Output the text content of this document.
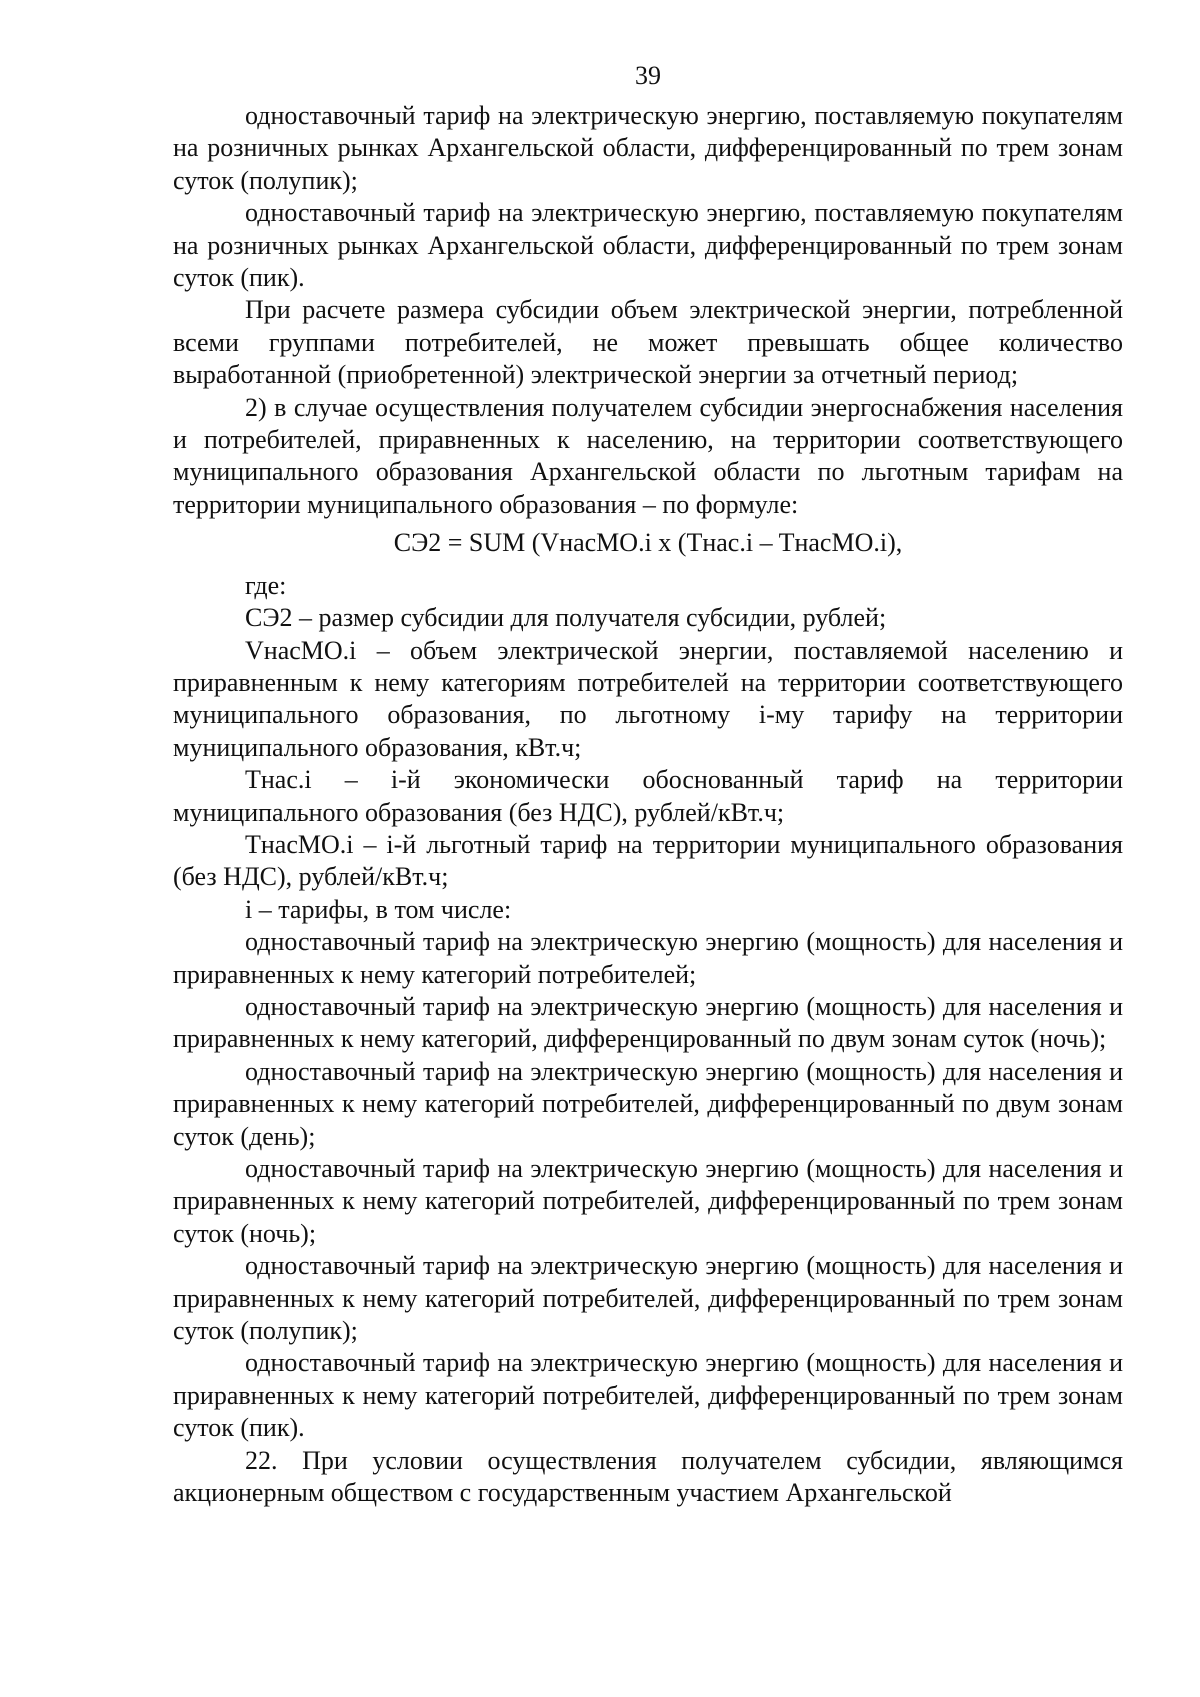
39

одноставочный тариф на электрическую энергию, поставляемую покупателям на розничных рынках Архангельской области, дифференцированный по трем зонам суток (полупик);

одноставочный тариф на электрическую энергию, поставляемую покупателям на розничных рынках Архангельской области, дифференцированный по трем зонам суток (пик).

При расчете размера субсидии объем электрической энергии, потребленной всеми группами потребителей, не может превышать общее количество выработанной (приобретенной) электрической энергии за отчетный период;

2) в случае осуществления получателем субсидии энергоснабжения населения и потребителей, приравненных к населению, на территории соответствующего муниципального образования Архангельской области по льготным тарифам на территории муниципального образования – по формуле:

СЭ2 = SUM (VнасМО.i x (Tнас.i – TнасМО.i),

где:

СЭ2 – размер субсидии для получателя субсидии, рублей;

VнасМО.i – объем электрической энергии, поставляемой населению и приравненным к нему категориям потребителей на территории соответствующего муниципального образования, по льготному i-му тарифу на территории муниципального образования, кВт.ч;

Tнас.i – i-й экономически обоснованный тариф на территории муниципального образования (без НДС), рублей/кВт.ч;

TнасМО.i – i-й льготный тариф на территории муниципального образования (без НДС), рублей/кВт.ч;

i – тарифы, в том числе:

одноставочный тариф на электрическую энергию (мощность) для населения и приравненных к нему категорий потребителей;

одноставочный тариф на электрическую энергию (мощность) для населения и приравненных к нему категорий, дифференцированный по двум зонам суток (ночь);

одноставочный тариф на электрическую энергию (мощность) для населения и приравненных к нему категорий потребителей, дифференцированный по двум зонам суток (день);

одноставочный тариф на электрическую энергию (мощность) для населения и приравненных к нему категорий потребителей, дифференцированный по трем зонам суток (ночь);

одноставочный тариф на электрическую энергию (мощность) для населения и приравненных к нему категорий потребителей, дифференцированный по трем зонам суток (полупик);

одноставочный тариф на электрическую энергию (мощность) для населения и приравненных к нему категорий потребителей, дифференцированный по трем зонам суток (пик).

22. При условии осуществления получателем субсидии, являющимся акционерным обществом с государственным участием Архангельской
